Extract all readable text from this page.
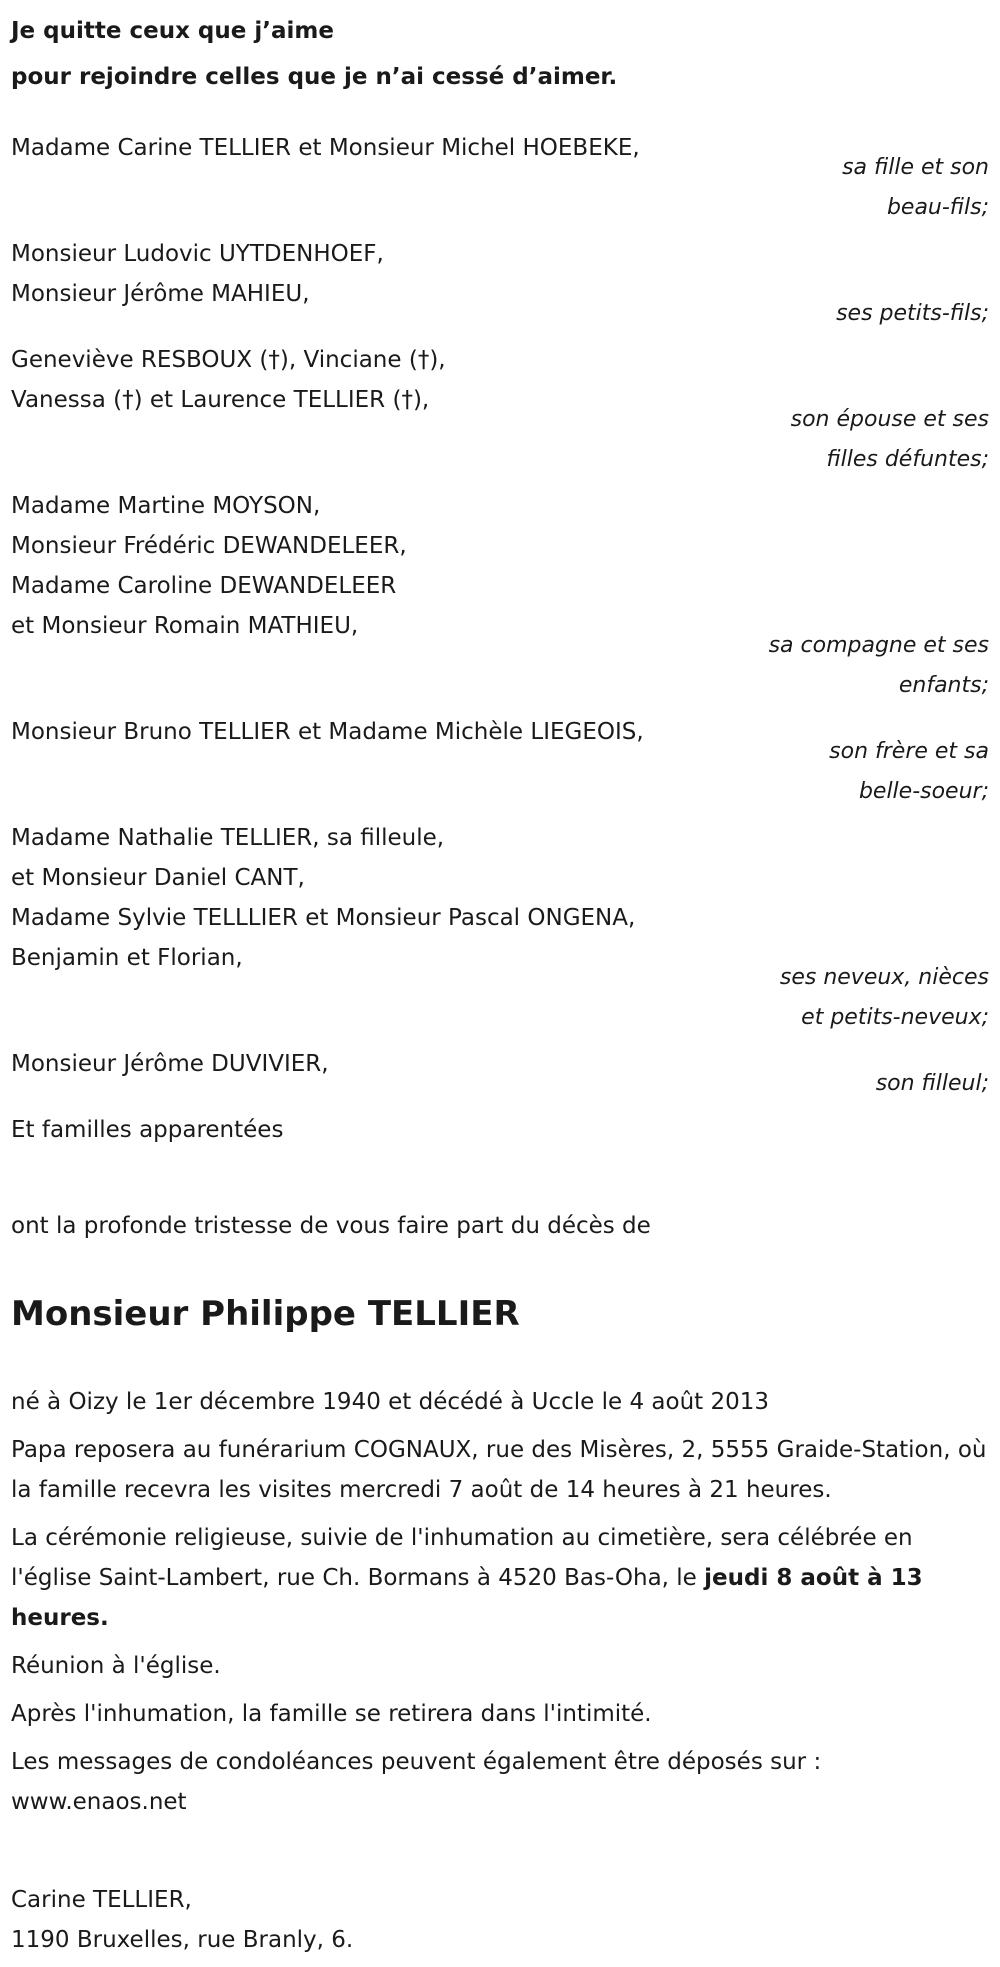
Je quitte ceux que j’aime

pour rejoindre celles que je n’ai cessé d’aimer.

Madame Carine TELLIER et Monsieur Michel HOEBEKE,

sa fille et son
beau-fils;

Monsieur Ludovic UYTDENHOEF,

Monsieur Jérôme MAHIEU,

ses petits-fils;

Geneviève RESBOUX (†), Vinciane (†),

Vanessa (†) et Laurence TELLIER (†),

son épouse et ses
filles défuntes;

Madame Martine MOYSON,

Monsieur Frédéric DEWANDELEER,

Madame Caroline DEWANDELEER

et Monsieur Romain MATHIEU,

sa compagne et ses
enfants;

Monsieur Bruno TELLIER et Madame Michèle LIEGEOIS,

son frère et sa
belle-soeur;

Madame Nathalie TELLIER, sa filleule,

et Monsieur Daniel CANT,

Madame Sylvie TELLLIER et Monsieur Pascal ONGENA,

Benjamin et Florian,

ses neveux, nièces
et petits-neveux;

Monsieur Jérôme DUVIVIER,

son filleul;

Et familles apparentées

ont la profonde tristesse de vous faire part du décès de

Monsieur Philippe TELLIER

né à Oizy le 1er décembre 1940 et décédé à Uccle le 4 août 2013

Papa reposera au funérarium COGNAUX, rue des Misères, 2, 5555 Graide-Station, où la famille recevra les visites mercredi 7 août de 14 heures à 21 heures.

La cérémonie religieuse, suivie de l'inhumation au cimetière, sera célébrée en l'église Saint-Lambert, rue Ch. Bormans à 4520 Bas-Oha, le jeudi 8 août à 13 heures.

Réunion à l'église.

Après l'inhumation, la famille se retirera dans l'intimité.

Les messages de condoléances peuvent également être déposés sur :
www.enaos.net

Carine TELLIER,
1190 Bruxelles, rue Branly, 6.
